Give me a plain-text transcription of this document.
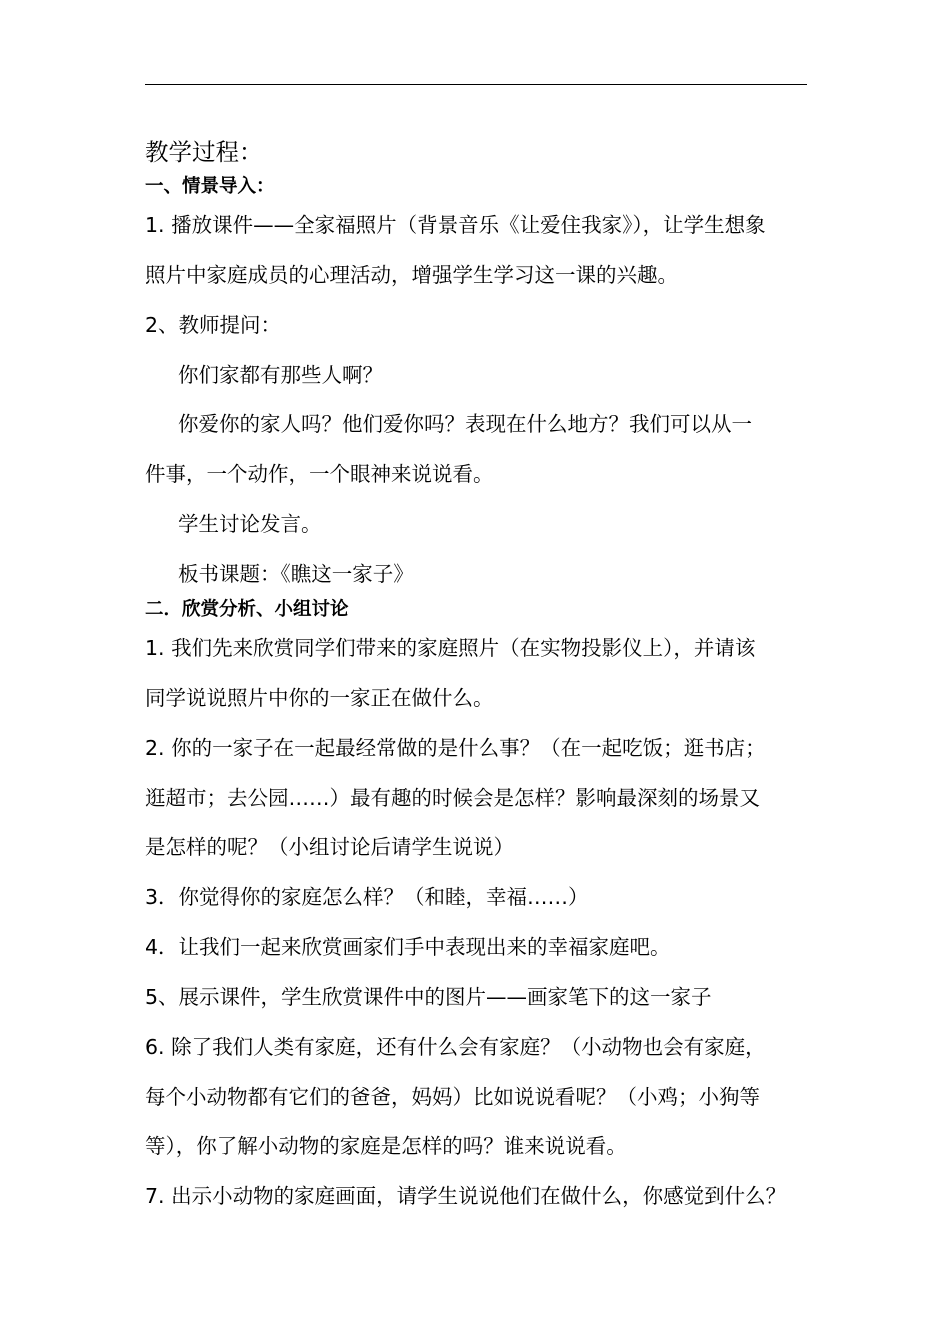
教学过程：
一、情景导入：
1. 播放课件——全家福照片（背景音乐《让爱住我家》），让学生想象
照片中家庭成员的心理活动，增强学生学习这一课的兴趣。
2、教师提问：
你们家都有那些人啊？
你爱你的家人吗？他们爱你吗？表现在什么地方？我们可以从一
件事，一个动作，一个眼神来说说看。
学生讨论发言。
板书课题：《瞧这一家子》
二．欣赏分析、小组讨论
1. 我们先来欣赏同学们带来的家庭照片（在实物投影仪上），并请该
同学说说照片中你的一家正在做什么。
2. 你的一家子在一起最经常做的是什么事？（在一起吃饭；逛书店；
逛超市；去公园……）最有趣的时候会是怎样？影响最深刻的场景又
是怎样的呢？（小组讨论后请学生说说）
3．你觉得你的家庭怎么样？（和睦，幸福……）
4．让我们一起来欣赏画家们手中表现出来的幸福家庭吧。
5、展示课件，学生欣赏课件中的图片——画家笔下的这一家子
6. 除了我们人类有家庭，还有什么会有家庭？（小动物也会有家庭，
每个小动物都有它们的爸爸，妈妈）比如说说看呢？（小鸡；小狗等
等），你了解小动物的家庭是怎样的吗？谁来说说看。
7. 出示小动物的家庭画面，请学生说说他们在做什么，你感觉到什么？
